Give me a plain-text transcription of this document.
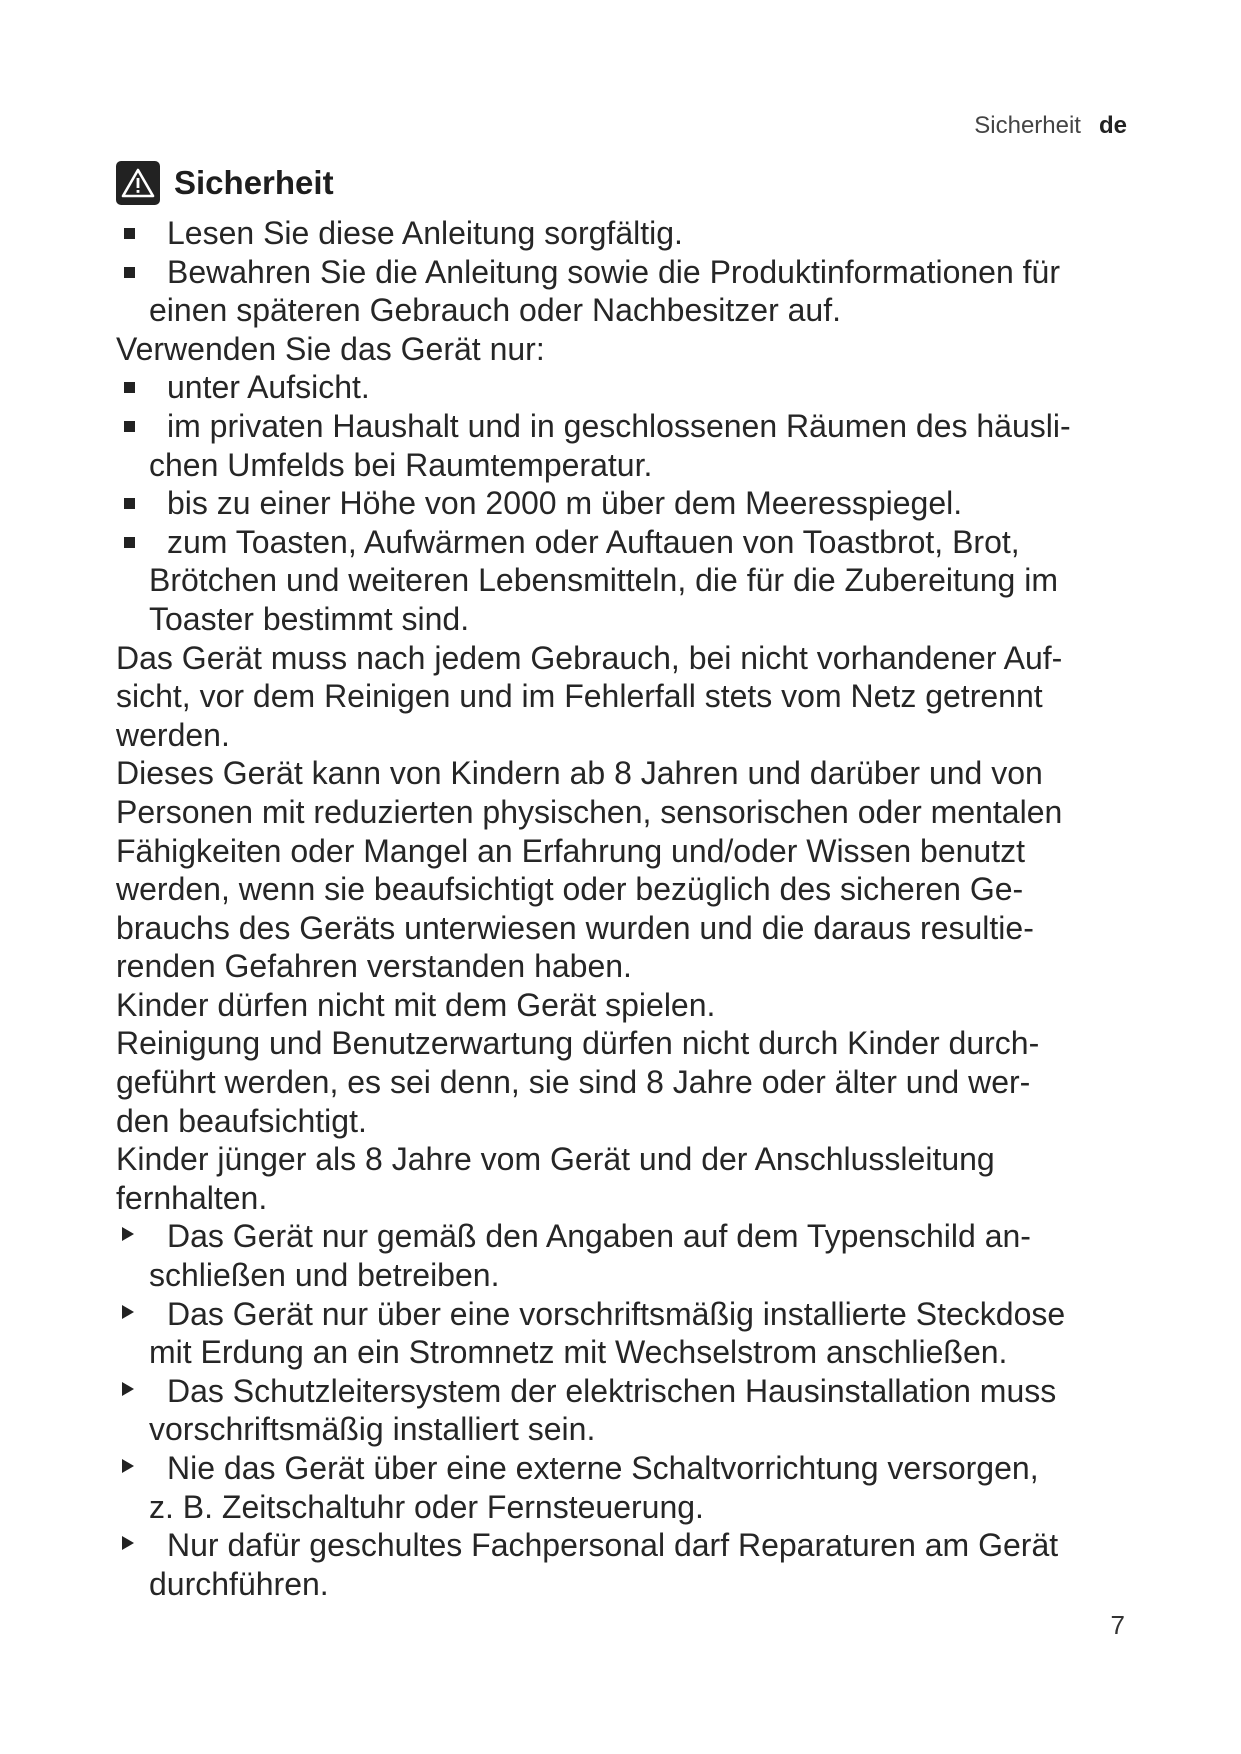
Sicherheit de
Sicherheit
Lesen Sie diese Anleitung sorgfältig.
Bewahren Sie die Anleitung sowie die Produktinformationen für
einen späteren Gebrauch oder Nachbesitzer auf.

Verwenden Sie das Gerät nur:

unter Aufsicht.
im privaten Haushalt und in geschlossenen Räumen des häusli-
chen Umfelds bei Raumtemperatur.
bis zu einer Höhe von 2000 m über dem Meeresspiegel.
zum Toasten, Aufwärmen oder Auftauen von Toastbrot, Brot,
Brötchen und weiteren Lebensmitteln, die für die Zubereitung im
Toaster bestimmt sind.
Das Gerät muss nach jedem Gebrauch, bei nicht vorhandener Auf-
sicht, vor dem Reinigen und im Fehlerfall stets vom Netz getrennt
werden.
Dieses Gerät kann von Kindern ab 8 Jahren und darüber und von
Personen mit reduzierten physischen, sensorischen oder mentalen
Fähigkeiten oder Mangel an Erfahrung und/oder Wissen benutzt
werden, wenn sie beaufsichtigt oder bezüglich des sicheren Ge-
brauchs des Geräts unterwiesen wurden und die daraus resultie-
renden Gefahren verstanden haben.
Kinder dürfen nicht mit dem Gerät spielen.
Reinigung und Benutzerwartung dürfen nicht durch Kinder durch-
geführt werden, es sei denn, sie sind 8 Jahre oder älter und wer-
den beaufsichtigt.
Kinder jünger als 8 Jahre vom Gerät und der Anschlussleitung
fernhalten.
Das Gerät nur gemäß den Angaben auf dem Typenschild an-
schließen und betreiben.
Das Gerät nur über eine vorschriftsmäßig installierte Steckdose
mit Erdung an ein Stromnetz mit Wechselstrom anschließen.
Das Schutzleitersystem der elektrischen Hausinstallation muss
vorschriftsmäßig installiert sein.
Nie das Gerät über eine externe Schaltvorrichtung versorgen,
z. B. Zeitschaltuhr oder Fernsteuerung.
Nur dafür geschultes Fachpersonal darf Reparaturen am Gerät
durchführen.
7
